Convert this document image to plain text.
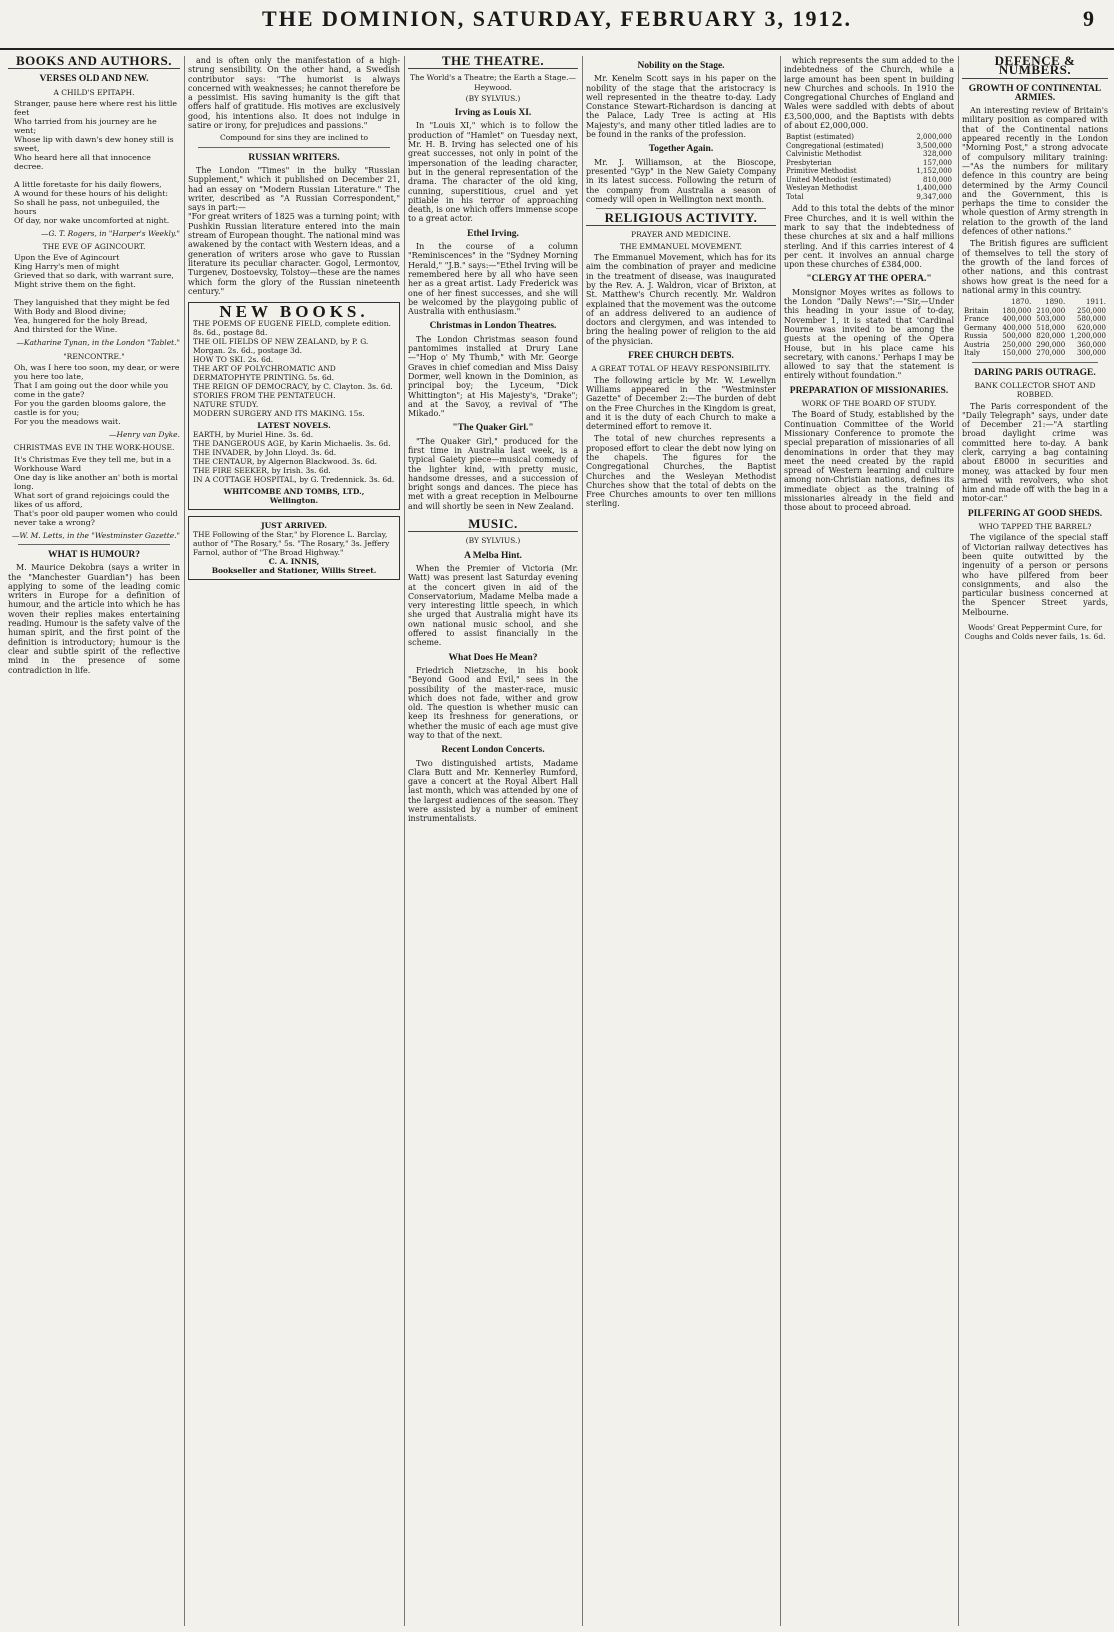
THE DOMINION, SATURDAY, FEBRUARY 3, 1912.	9
BOOKS AND AUTHORS.
VERSES OLD AND NEW.
A CHILD'S EPITAPH.
Stranger, pause here where rest his little feet
Who tarried from his journey are he went;
Whose lip with dawn's dew honey still is sweet,
Who heard here all that innocence decree.

A little foretaste for his daily flowers,
A wound for these hours of his delight:
So shall he pass, not unbeguiled, the hours
Of day, nor wake uncomforted at night.
—G. T. Rogers, in "Harper's Weekly."
THE EVE OF AGINCOURT.
Upon the Eve of Agincourt
King Harry's men of might
Grieved that so dark, with warrant sure,
Might strive them on the fight.

They languished that they might be fed
With Body and Blood divine;
Yea, hungered for the holy Bread,
And thirsted for the Wine.
—Katharine Tynan, in the London "Tablet."
"RENCONTRE."
Oh, was I here too soon, my dear, or were you here too late,
That I am going out the door while you come in the gate?
For you the garden blooms galore, the castle is for you;
For you the meadows wait.
—Henry van Dyke.
CHRISTMAS EVE IN THE WORK-HOUSE.
It's Christmas Eve they tell me, but in a Workhouse Ward
One day is like another an' both is mortal long.
What sort of grand rejoicings could the likes of us afford,
That's poor old pauper women who could never take a wrong?
—W. M. Letts, in the "Westminster Gazette."
WHAT IS HUMOUR?

M. Maurice Dekobra (says a writer in the "Manchester Guardian") has been applying to some of the leading comic writers in Europe for a definition of humour, and the article into which he has woven their replies makes entertaining reading. Humour is the safety valve of the human spirit, and the first point of the definition is introductory; humour is the clear and subtle spirit of the reflective mind in the presence of some contradiction in life.

and is often only the manifestation of a high-strung sensibility. On the other hand, a Swedish contributor says: "The humorist is always concerned with weaknesses; he cannot therefore be a pessimist. His saving humanity is the gift that offers half of gratitude. His motives are exclusively good, his intentions also. It does not indulge in satire or irony, for prejudices and passions."

Compound for sins they are inclined to
RUSSIAN WRITERS.

The London "Times" in the bulky "Russian Supplement," which it published on December 21, had an essay on "Modern Russian Literature." The writer, described as "A Russian Correspondent," says in part:—
"For great writers of 1825 was a turning point; with Pushkin Russian literature entered into the main stream of European thought. The national mind was awakened by the contact with Western ideas, and a generation of writers arose who gave to Russian literature its peculiar character. Gogol, Lermontov, Turgenev, Dostoevsky, Tolstoy—these are the names which form the glory of the Russian nineteenth century."

NEW BOOKS.
THE POEMS OF EUGENE FIELD, complete edition. 8s. 6d., postage 8d.
THE OIL FIELDS OF NEW ZEALAND, by P. G. Morgan. 2s. 6d., postage 3d.
HOW TO SKI. 2s. 6d.
THE ART OF POLYCHROMATIC AND DERMATOPHYTE PRINTING. 5s. 6d.
THE REIGN OF DEMOCRACY, by C. Clayton. 3s. 6d.
STORIES FROM THE PENTATEUCH.
NATURE STUDY.
MODERN SURGERY AND ITS MAKING. 15s.
LATEST NOVELS.
EARTH, by Muriel Hine. 3s. 6d.
THE DANGEROUS AGE, by Karin Michaelis. 3s. 6d.
THE INVADER, by John Lloyd. 3s. 6d.
THE CENTAUR, by Algernon Blackwood. 3s. 6d.
THE FIRE SEEKER, by Irish. 3s. 6d.
IN A COTTAGE HOSPITAL, by G. Tredennick. 3s. 6d.
WHITCOMBE AND TOMBS, LTD.,
Wellington.
JUST ARRIVED.
THE Following of the Star," by Florence L. Barclay, author of "The Rosary," 5s. "The Rosary," 3s. Jeffery Farnol, author of "The Broad Highway."
C. A. INNIS,
Bookseller and Stationer, Willis Street.
THE THEATRE.
The World's a Theatre; the Earth a Stage.—Heywood.
(BY SYLVIUS.)
Irving as Louis XI.

In "Louis XI," which is to follow the production of "Hamlet" on Tuesday next, Mr. H. B. Irving has selected one of his great successes, not only in point of the impersonation of the leading character, but in the general representation of the drama. The character of the old king, cunning, superstitious, cruel and yet pitiable in his terror of approaching death, is one which offers immense scope to a great actor.

Ethel Irving.

In the course of a column "Reminiscences" in the "Sydney Morning Herald," "J.B." says:—"Ethel Irving will be remembered here by all who have seen her as a great artist. Lady Frederick was one of her finest successes, and she will be welcomed by the playgoing public of Australia with enthusiasm."

Christmas in London Theatres.

The London Christmas season found pantomimes installed at Drury Lane—"Hop o' My Thumb," with Mr. George Graves in chief comedian and Miss Daisy Dormer, well known in the Dominion, as principal boy; the Lyceum, "Dick Whittington"; at His Majesty's, "Drake"; and at the Savoy, a revival of "The Mikado."

"The Quaker Girl."

"The Quaker Girl," produced for the first time in Australia last week, is a typical Gaiety piece—musical comedy of the lighter kind, with pretty music, handsome dresses, and a succession of bright songs and dances. The piece has met with a great reception in Melbourne and will shortly be seen in New Zealand.

MUSIC.
(BY SYLVIUS.)
A Melba Hint.

When the Premier of Victoria (Mr. Watt) was present last Saturday evening at the concert given in aid of the Conservatorium, Madame Melba made a very interesting little speech, in which she urged that Australia might have its own national music school, and she offered to assist financially in the scheme.

What Does He Mean?

Friedrich Nietzsche, in his book "Beyond Good and Evil," sees in the possibility of the master-race, music which does not fade, wither and grow old. The question is whether music can keep its freshness for generations, or whether the music of each age must give way to that of the next.

Recent London Concerts.

Two distinguished artists, Madame Clara Butt and Mr. Kennerley Rumford, gave a concert at the Royal Albert Hall last month, which was attended by one of the largest audiences of the season. They were assisted by a number of eminent instrumentalists.

Nobility on the Stage.

Mr. Kenelm Scott says in his paper on the nobility of the stage that the aristocracy is well represented in the theatre to-day. Lady Constance Stewart-Richardson is dancing at the Palace, Lady Tree is acting at His Majesty's, and many other titled ladies are to be found in the ranks of the profession.

Together Again.

Mr. J. Williamson, at the Bioscope, presented "Gyp" in the New Gaiety Company in its latest success. Following the return of the company from Australia a season of comedy will open in Wellington next month.

RELIGIOUS ACTIVITY.
PRAYER AND MEDICINE.
THE EMMANUEL MOVEMENT.

The Emmanuel Movement, which has for its aim the combination of prayer and medicine in the treatment of disease, was inaugurated by the Rev. A. J. Waldron, vicar of Brixton, at St. Matthew's Church recently. Mr. Waldron explained that the movement was the outcome of an address delivered to an audience of doctors and clergymen, and was intended to bring the healing power of religion to the aid of the physician.

FREE CHURCH DEBTS.
A GREAT TOTAL OF HEAVY RESPONSIBILITY.

The following article by Mr. W. Lewellyn Williams appeared in the "Westminster Gazette" of December 2:—The burden of debt on the Free Churches in the Kingdom is great, and it is the duty of each Church to make a determined effort to remove it.

The total of new churches represents a proposed effort to clear the debt now lying on the chapels. The figures for the Congregational Churches, the Baptist Churches and the Wesleyan Methodist Churches show that the total of debts on the Free Churches amounts to over ten millions sterling.

which represents the sum added to the indebtedness of the Church, while a large amount has been spent in building new Churches and schools. In 1910 the Congregational Churches of England and Wales were saddled with debts of about £3,500,000, and the Baptists with debts of about £2,000,000.

Baptist (estimated)	2,000,000
Congregational (estimated)	3,500,000
Calvinistic Methodist	328,000
Presbyterian	157,000
Primitive Methodist	1,152,000
United Methodist (estimated)	810,000
Wesleyan Methodist	1,400,000
Total	9,347,000

Add to this total the debts of the minor Free Churches, and it is well within the mark to say that the indebtedness of these churches at six and a half millions sterling. And if this carries interest of 4 per cent. it involves an annual charge upon these churches of £384,000.

"CLERGY AT THE OPERA."

Monsignor Moyes writes as follows to the London "Daily News":—"Sir,—Under this heading in your issue of to-day, November 1, it is stated that 'Cardinal Bourne was invited to be among the guests at the opening of the Opera House, but in his place came his secretary, with canons.' Perhaps I may be allowed to say that the statement is entirely without foundation."

PREPARATION OF MISSIONARIES.
WORK OF THE BOARD OF STUDY.

The Board of Study, established by the Continuation Committee of the World Missionary Conference to promote the special preparation of missionaries of all denominations in order that they may meet the need created by the rapid spread of Western learning and culture among non-Christian nations, defines its immediate object as the training of missionaries already in the field and those about to proceed abroad.

DEFENCE & NUMBERS.
GROWTH OF CONTINENTAL ARMIES.

An interesting review of Britain's military position as compared with that of the Continental nations appeared recently in the London "Morning Post," a strong advocate of compulsory military training:—"As the numbers for military defence in this country are being determined by the Army Council and the Government, this is perhaps the time to consider the whole question of Army strength in relation to the growth of the land defences of other nations."

The British figures are sufficient of themselves to tell the story of the growth of the land forces of other nations, and this contrast shows how great is the need for a national army in this country.

	1870.	1890.	1911.
Britain	180,000	210,000	250,000
France	400,000	503,000	580,000
Germany	400,000	518,000	620,000
Russia	500,000	820,000	1,200,000
Austria	250,000	290,000	360,000
Italy	150,000	270,000	300,000
DARING PARIS OUTRAGE.
BANK COLLECTOR SHOT AND ROBBED.

The Paris correspondent of the "Daily Telegraph" says, under date of December 21:—"A startling broad daylight crime was committed here to-day. A bank clerk, carrying a bag containing about £8000 in securities and money, was attacked by four men armed with revolvers, who shot him and made off with the bag in a motor-car."

PILFERING AT GOOD SHEDS.
WHO TAPPED THE BARREL?

The vigilance of the special staff of Victorian railway detectives has been quite outwitted by the ingenuity of a person or persons who have pilfered from beer consignments, and also the particular business concerned at the Spencer Street yards, Melbourne.

Woods' Great Peppermint Cure, for Coughs and Colds never fails, 1s. 6d.
